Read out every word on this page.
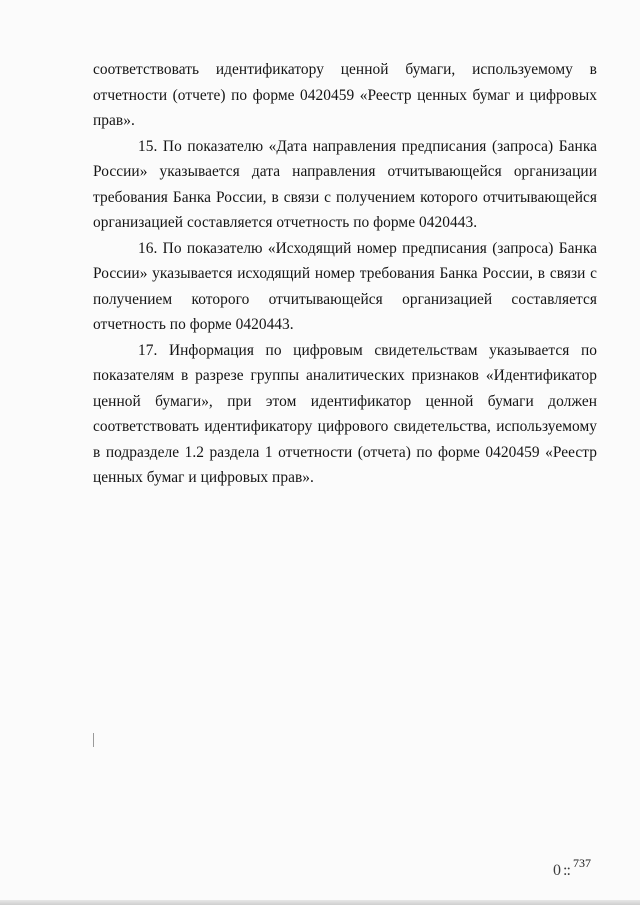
соответствовать идентификатору ценной бумаги, используемому в отчетности (отчете) по форме 0420459 «Реестр ценных бумаг и цифровых прав».

15. По показателю «Дата направления предписания (запроса) Банка России» указывается дата направления отчитывающейся организации требования Банка России, в связи с получением которого отчитывающейся организацией составляется отчетность по форме 0420443.

16. По показателю «Исходящий номер предписания (запроса) Банка России» указывается исходящий номер требования Банка России, в связи с получением которого отчитывающейся организацией составляется отчетность по форме 0420443.

17. Информация по цифровым свидетельствам указывается по показателям в разрезе группы аналитических признаков «Идентификатор ценной бумаги», при этом идентификатор ценной бумаги должен соответствовать идентификатору цифрового свидетельства, используемому в подразделе 1.2 раздела 1 отчетности (отчета) по форме 0420459 «Реестр ценных бумаг и цифровых прав».

0 :: 737
